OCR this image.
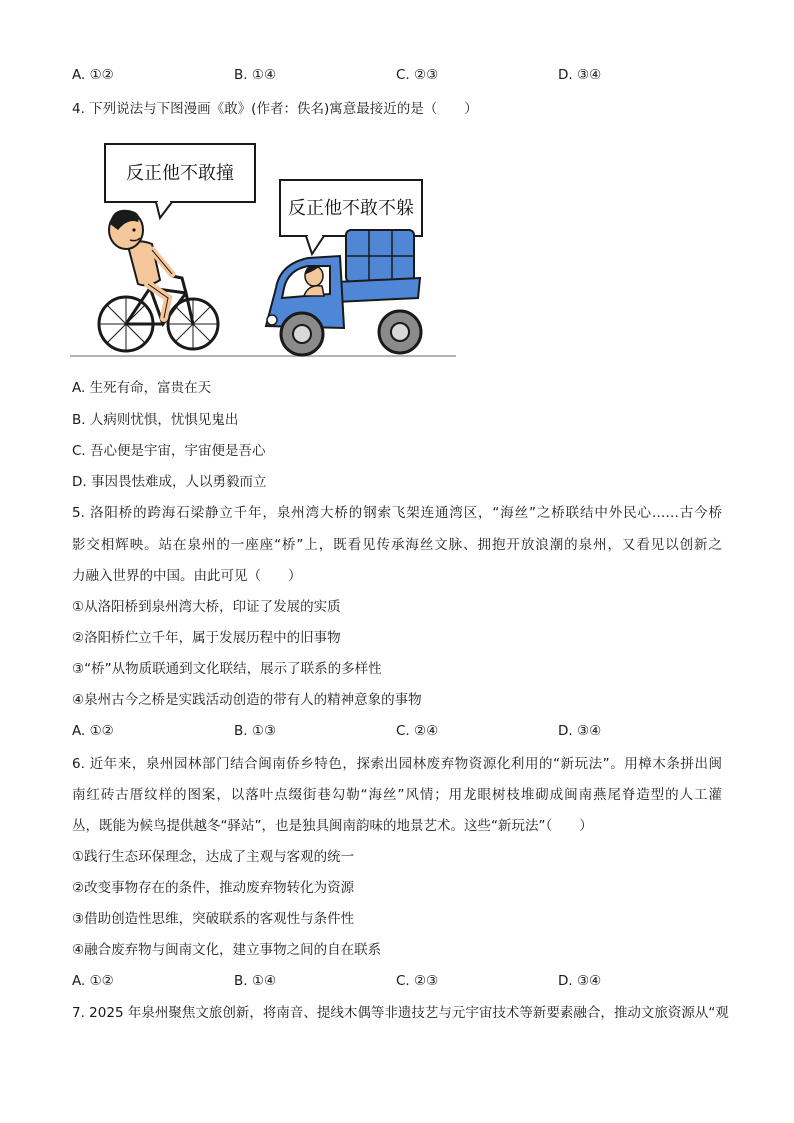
A. ①②	B. ①④	C. ②③	D. ③④
4. 下列说法与下图漫画《敢》(作者：佚名)寓意最接近的是（　　）
反正他不敢撞
反正他不敢不躲
A. 生死有命，富贵在天
B. 人病则忧惧，忧惧见鬼出
C. 吾心便是宇宙，宇宙便是吾心
D. 事因畏怯难成，人以勇毅而立
5. 洛阳桥的跨海石梁静立千年，泉州湾大桥的钢索飞架连通湾区，“海丝”之桥联结中外民心……古今桥
影交相辉映。站在泉州的一座座“桥”上，既看见传承海丝文脉、拥抱开放浪潮的泉州，又看见以创新之
力融入世界的中国。由此可见（　　）
①从洛阳桥到泉州湾大桥，印证了发展的实质
②洛阳桥伫立千年，属于发展历程中的旧事物
③“桥”从物质联通到文化联结，展示了联系的多样性
④泉州古今之桥是实践活动创造的带有人的精神意象的事物
A. ①②	B. ①③	C. ②④	D. ③④
6. 近年来，泉州园林部门结合闽南侨乡特色，探索出园林废弃物资源化利用的“新玩法”。用樟木条拼出闽
南红砖古厝纹样的图案，以落叶点缀街巷勾勒“海丝”风情；用龙眼树枝堆砌成闽南燕尾脊造型的人工灌
丛，既能为候鸟提供越冬“驿站”，也是独具闽南韵味的地景艺术。这些“新玩法”（　　）
①践行生态环保理念，达成了主观与客观的统一
②改变事物存在的条件，推动废弃物转化为资源
③借助创造性思维，突破联系的客观性与条件性
④融合废弃物与闽南文化，建立事物之间的自在联系
A. ①②	B. ①④	C. ②③	D. ③④
7. 2025 年泉州聚焦文旅创新，将南音、提线木偶等非遗技艺与元宇宙技术等新要素融合，推动文旅资源从“观
